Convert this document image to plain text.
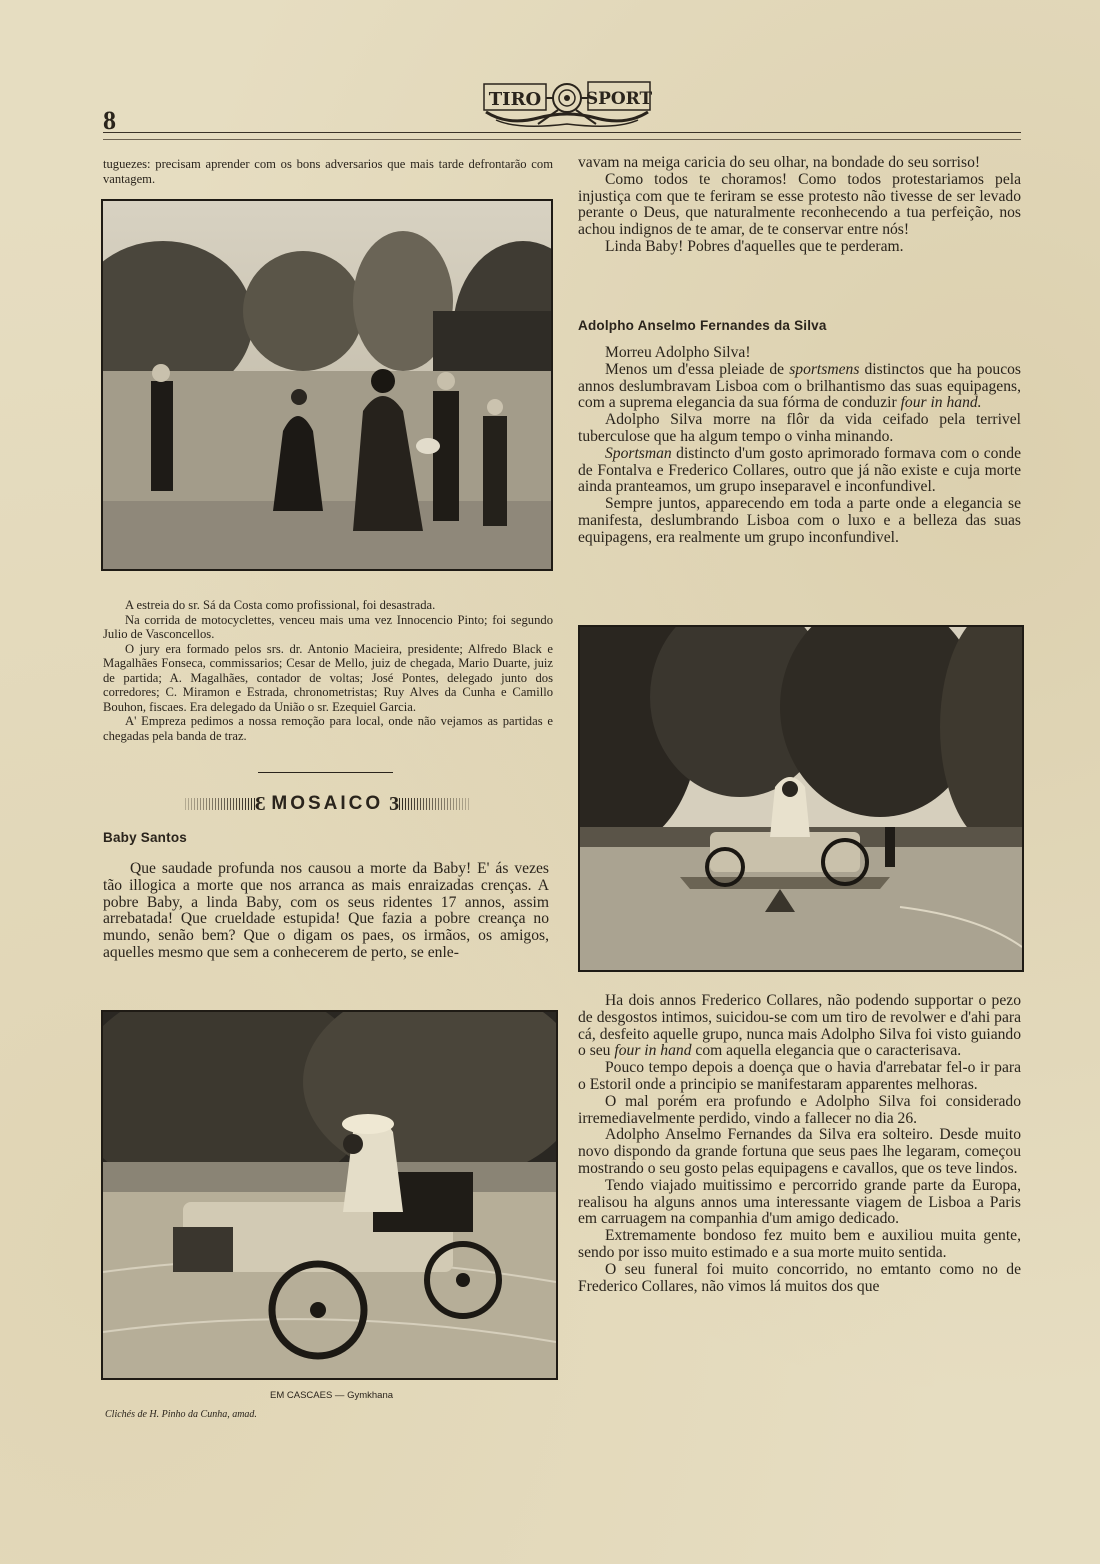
8
TIRO	SPORT

tuguezes: precisam aprender com os bons adversarios que mais tarde defrontarão com vantagem.

A estreia do sr. Sá da Costa como profissional, foi desastrada.

Na corrida de motocyclettes, venceu mais uma vez Innocencio Pinto; foi segundo Julio de Vasconcellos.

O jury era formado pelos srs. dr. Antonio Macieira, presidente; Alfredo Black e Magalhães Fonseca, commissarios; Cesar de Mello, juiz de chegada, Mario Duarte, juiz de partida; A. Magalhães, contador de voltas; José Pontes, delegado junto dos corredores; C. Miramon e Estrada, chronometristas; Ruy Alves da Cunha e Camillo Bouhon, fiscaes. Era delegado da União o sr. Ezequiel Garcia.

A' Empreza pedimos a nossa remoção para local, onde não vejamos as partidas e chegadas pela banda de traz.

Ɛ MOSAICO 3

Baby Santos

Que saudade profunda nos causou a morte da Baby! E' ás vezes tão illogica a morte que nos arranca as mais enraizadas crenças. A pobre Baby, a linda Baby, com os seus ridentes 17 annos, assim arrebatada! Que crueldade estupida! Que fazia a pobre creança no mundo, senão bem? Que o digam os paes, os irmãos, os amigos, aquelles mesmo que sem a conhecerem de perto, se enle-

EM CASCAES — Gymkhana
Clichés de H. Pinho da Cunha, amad.

vavam na meiga caricia do seu olhar, na bondade do seu sorriso!

Como todos te choramos! Como todos protestariamos pela injustiça com que te feriram se esse protesto não tivesse de ser levado perante o Deus, que naturalmente reconhecendo a tua perfeição, nos achou indignos de te amar, de te conservar entre nós!

Linda Baby! Pobres d'aquelles que te perderam.

Adolpho Anselmo Fernandes da Silva

Morreu Adolpho Silva!

Menos um d'essa pleiade de sportsmens distinctos que ha poucos annos deslumbravam Lisboa com o brilhantismo das suas equipagens, com a suprema elegancia da sua fórma de conduzir four in hand.

Adolpho Silva morre na flôr da vida ceifado pela terrivel tuberculose que ha algum tempo o vinha minando.

Sportsman distincto d'um gosto aprimorado formava com o conde de Fontalva e Frederico Collares, outro que já não existe e cuja morte ainda pranteamos, um grupo inseparavel e inconfundivel.

Sempre juntos, apparecendo em toda a parte onde a elegancia se manifesta, deslumbrando Lisboa com o luxo e a belleza das suas equipagens, era realmente um grupo inconfundivel.

Ha dois annos Frederico Collares, não podendo supportar o pezo de desgostos intimos, suicidou-se com um tiro de revolwer e d'ahi para cá, desfeito aquelle grupo, nunca mais Adolpho Silva foi visto guiando o seu four in hand com aquella elegancia que o caracterisava.

Pouco tempo depois a doença que o havia d'arrebatar fel-o ir para o Estoril onde a principio se manifestaram apparentes melhoras.

O mal porém era profundo e Adolpho Silva foi considerado irremediavelmente perdido, vindo a fallecer no dia 26.

Adolpho Anselmo Fernandes da Silva era solteiro. Desde muito novo dispondo da grande fortuna que seus paes lhe legaram, começou mostrando o seu gosto pelas equipagens e cavallos, que os teve lindos.

Tendo viajado muitissimo e percorrido grande parte da Europa, realisou ha alguns annos uma interessante viagem de Lisboa a Paris em carruagem na companhia d'um amigo dedicado.

Extremamente bondoso fez muito bem e auxiliou muita gente, sendo por isso muito estimado e a sua morte muito sentida.

O seu funeral foi muito concorrido, no emtanto como no de Frederico Collares, não vimos lá muitos dos que
